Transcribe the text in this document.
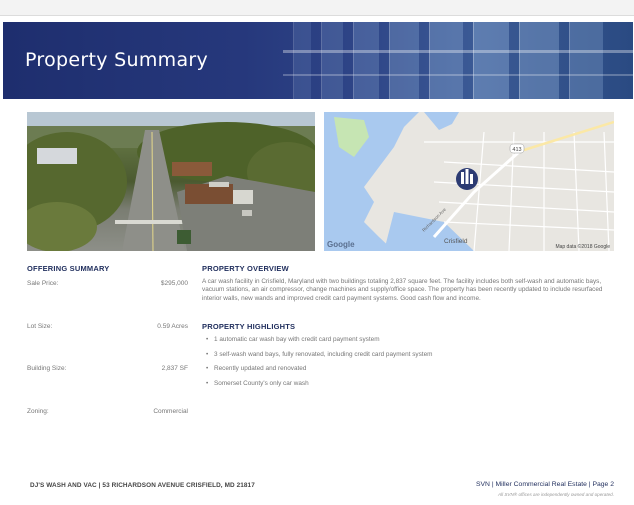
Property Summary
413
Crisfield
Richardson Ave
Google	Map data ©2018 Google
OFFERING SUMMARY
Sale Price:	$295,000
Lot Size:	0.59 Acres
Building Size:	2,837 SF
Zoning:	Commercial
PROPERTY OVERVIEW
A car wash facility in Crisfield, Maryland with two buildings totaling 2,837 square feet. The facility includes both self-wash and automatic bays, vacuum stations, an air compressor, change machines and supply/office space. The property has been recently updated to include resurfaced interior walls, new wands and improved credit card payment systems. Good cash flow and income.
PROPERTY HIGHLIGHTS
• 1 automatic car wash bay with credit card payment system
• 3 self-wash wand bays, fully renovated, including credit card payment system
• Recently updated and renovated
• Somerset County's only car wash
DJ'S WASH AND VAC | 53 RICHARDSON AVENUE CRISFIELD, MD 21817	SVN | Miller Commercial Real Estate | Page 2
All SVN® offices are independently owned and operated.
